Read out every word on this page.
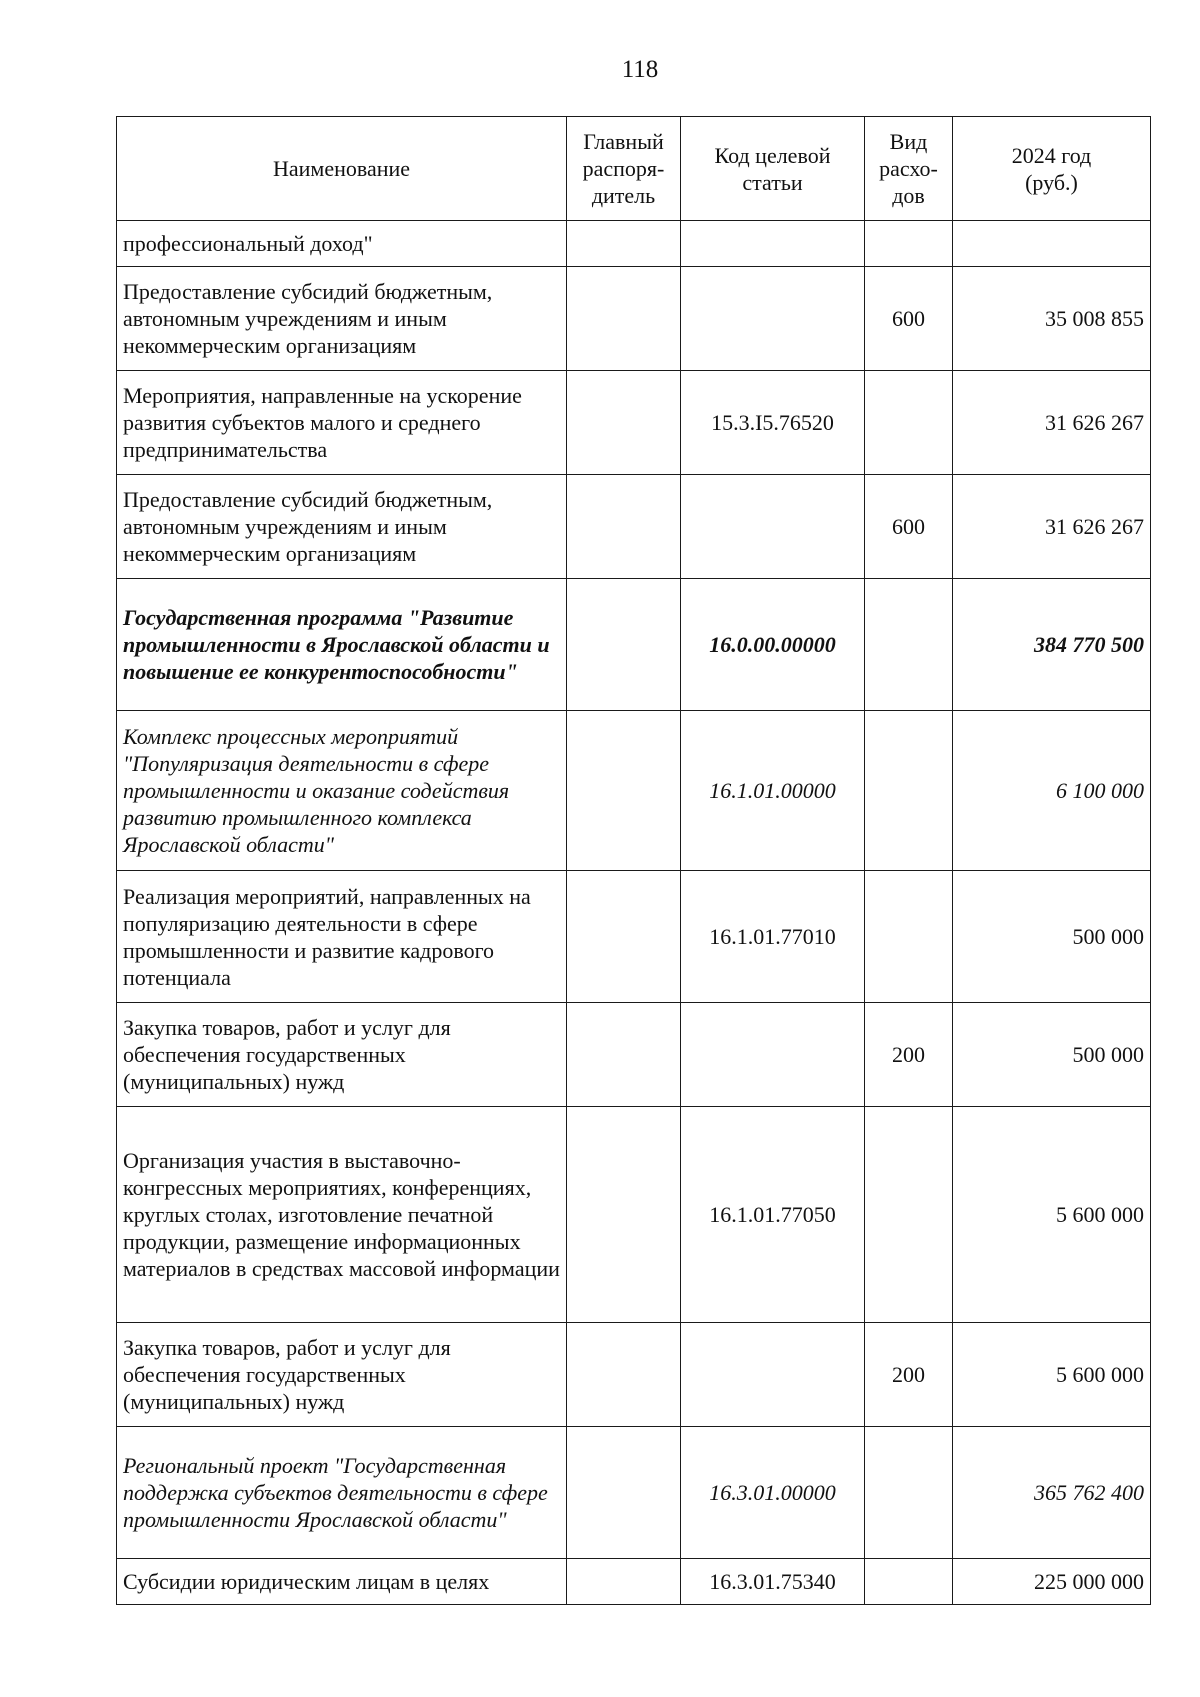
118
Наименование	Главный
распоря-
дитель	Код целевой
статьи	Вид
расхо-
дов	2024 год
(руб.)
профессиональный доход"				
Предоставление субсидий бюджетным, автономным учреждениям и иным некоммерческим организациям			600	35 008 855
Мероприятия, направленные на ускорение развития субъектов малого и среднего предпринимательства		15.3.I5.76520		31 626 267
Предоставление субсидий бюджетным, автономным учреждениям и иным некоммерческим организациям			600	31 626 267
Государственная программа "Развитие промышленности в Ярославской области и повышение ее конкурентоспособности"		16.0.00.00000		384 770 500
Комплекс процессных мероприятий "Популяризация деятельности в сфере промышленности и оказание содействия развитию промышленного комплекса Ярославской области"		16.1.01.00000		6 100 000
Реализация мероприятий, направленных на популяризацию деятельности в сфере промышленности и развитие кадрового потенциала		16.1.01.77010		500 000
Закупка товаров, работ и услуг для обеспечения государственных (муниципальных) нужд			200	500 000
Организация участия в выставочно-конгрессных мероприятиях, конференциях, круглых столах, изготовление печатной продукции, размещение информационных материалов в средствах массовой информации		16.1.01.77050		5 600 000
Закупка товаров, работ и услуг для обеспечения государственных (муниципальных) нужд			200	5 600 000
Региональный проект "Государственная поддержка субъектов деятельности в сфере промышленности Ярославской области"		16.3.01.00000		365 762 400
Субсидии юридическим лицам в целях		16.3.01.75340		225 000 000
